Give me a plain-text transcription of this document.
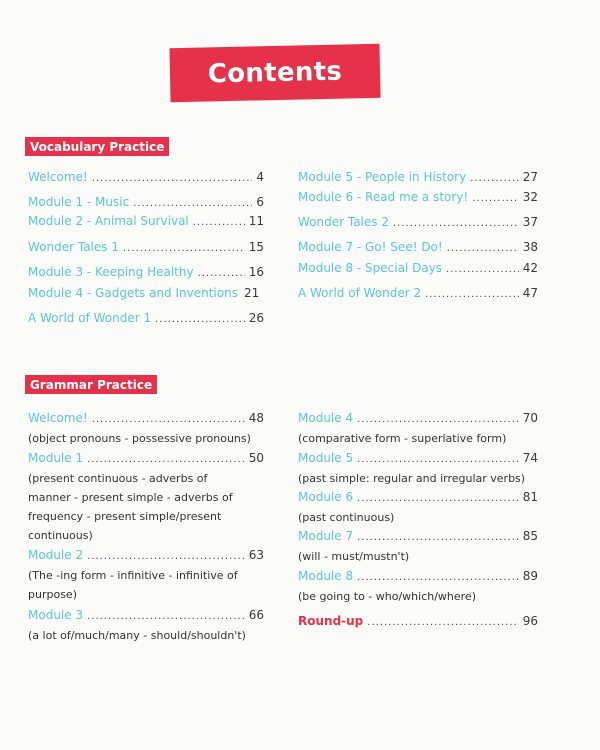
Contents
Vocabulary Practice
Welcome! .....	4
Module 1 - Music .....	6
Module 2 - Animal Survival .....	11
Wonder Tales 1 .....	15
Module 3 - Keeping Healthy .....	16
Module 4 - Gadgets and Inventions 21
A World of Wonder 1 .....	26
Module 5 - People in History .....	27
Module 6 - Read me a story! .....	32
Wonder Tales 2 .....	37
Module 7 - Go! See! Do! .....	38
Module 8 - Special Days .....	42
A World of Wonder 2 .....	47
Grammar Practice
Welcome! .....	48
(object pronouns - possessive pronouns)
Module 1 .....	50
(present continuous - adverbs of
manner - present simple - adverbs of
frequency - present simple/present
continuous)
Module 2 .....	63
(The -ing form - infinitive - infinitive of
purpose)
Module 3 .....	66
(a lot of/much/many - should/shouldn't)
Module 4 .....	70
(comparative form - superlative form)
Module 5 .....	74
(past simple: regular and irregular verbs)
Module 6 .....	81
(past continuous)
Module 7 .....	85
(will - must/mustn't)
Module 8 .....	89
(be going to - who/which/where)
Round-up .....	96
